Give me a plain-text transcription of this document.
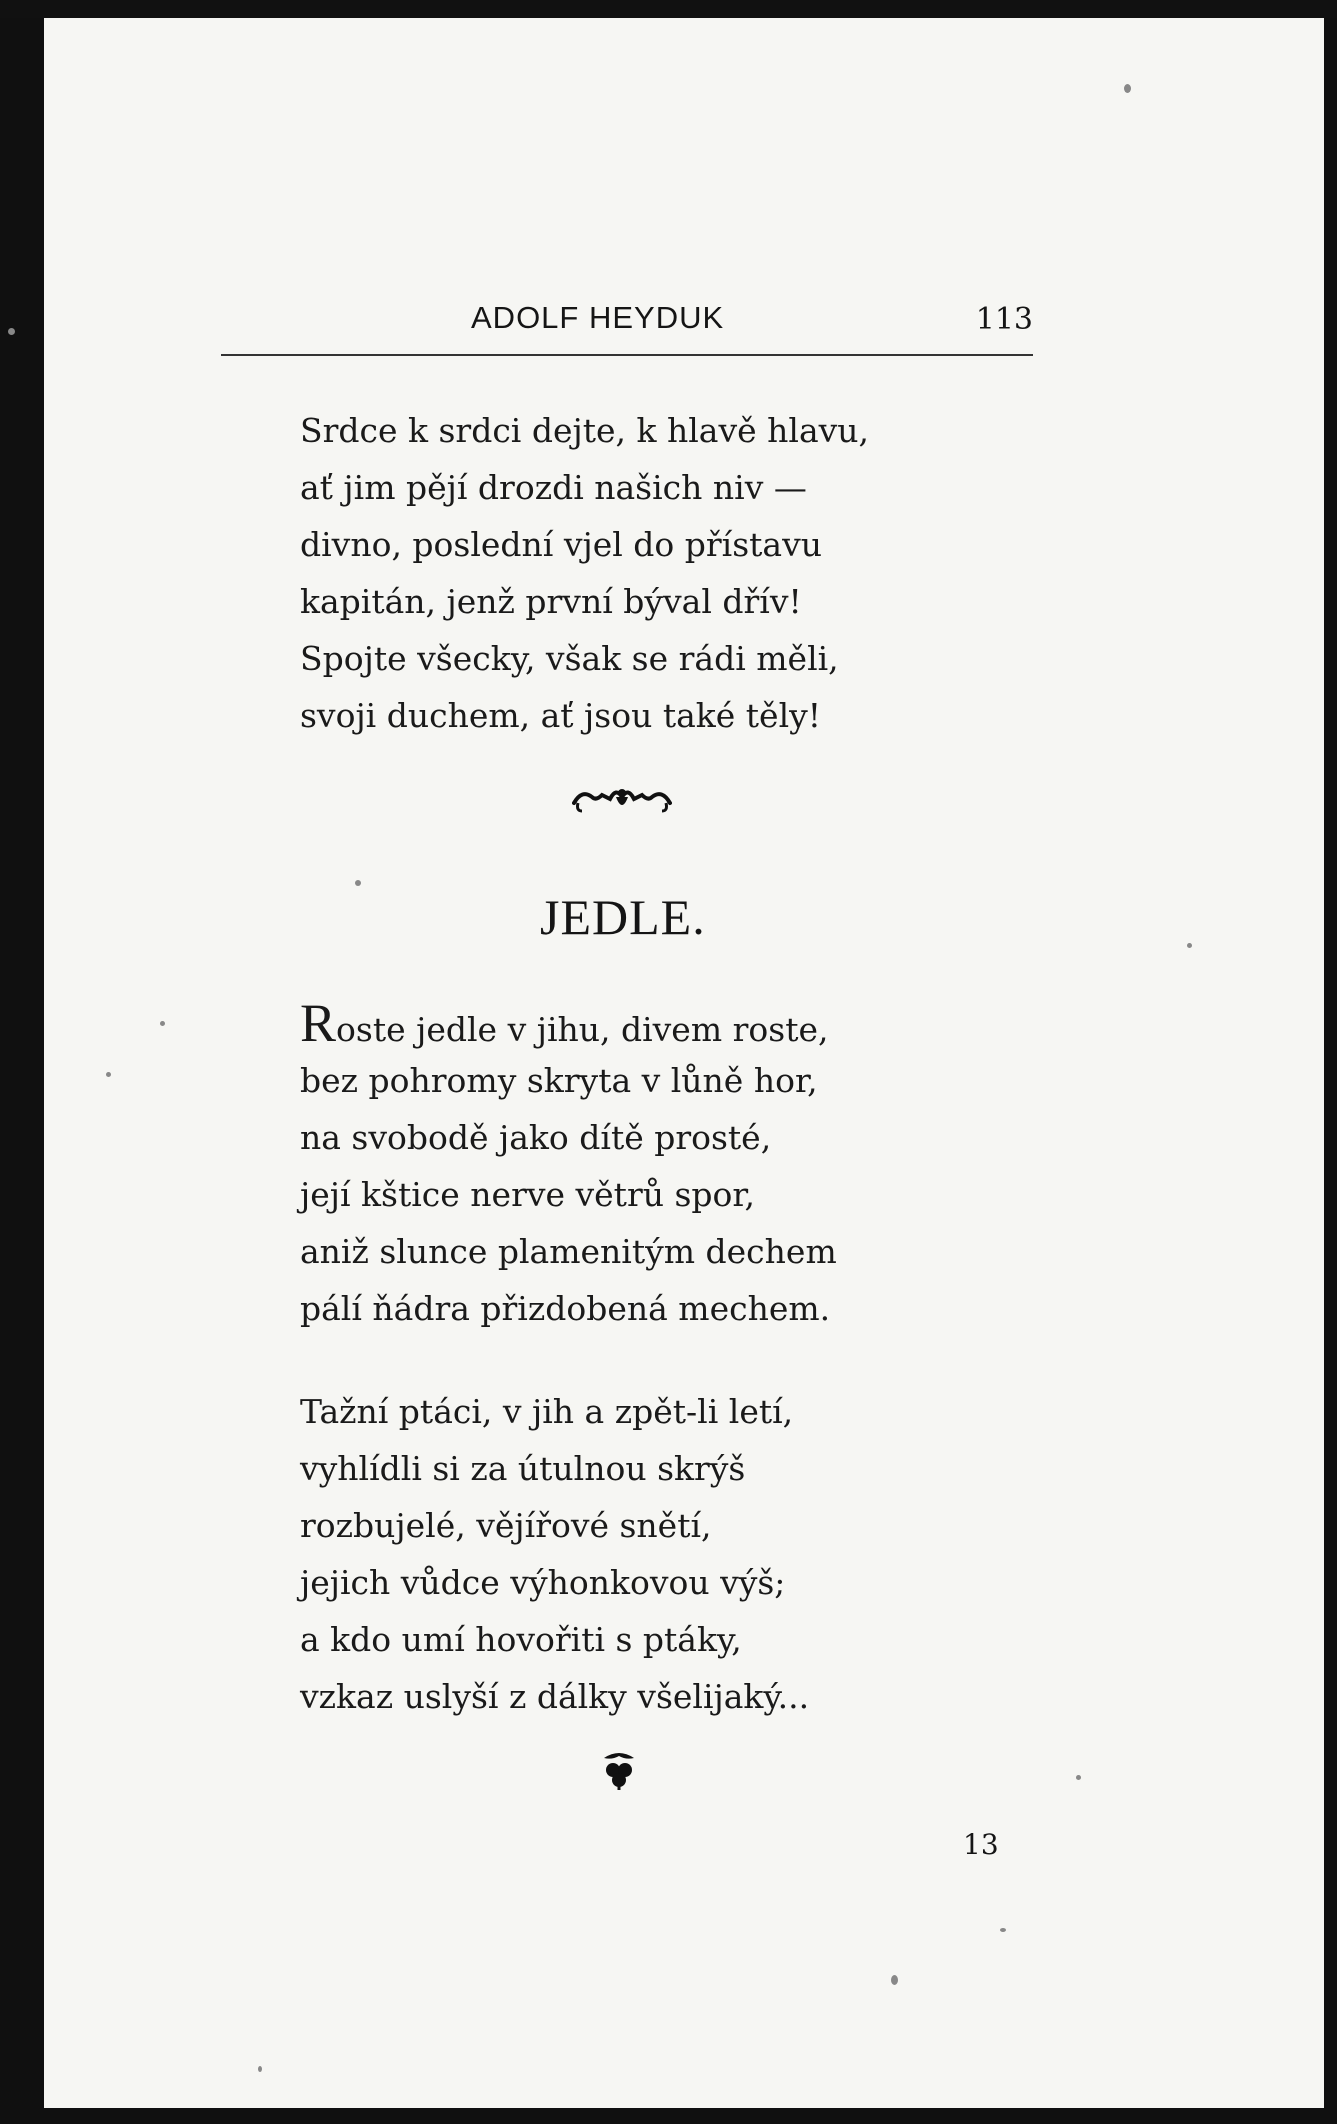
ADOLF HEYDUK	113
Srdce k srdci dejte, k hlavě hlavu,
ať jim pějí drozdi našich niv —
divno, poslední vjel do přístavu
kapitán, jenž první býval dřív!
Spojte všecky, však se rádi měli,
svoji duchem, ať jsou také těly!
JEDLE.
Roste jedle v jihu, divem roste,
bez pohromy skryta v lůně hor,
na svobodě jako dítě prosté,
její kštice nerve větrů spor,
aniž slunce plamenitým dechem
pálí ňádra přizdobená mechem.
Tažní ptáci, v jih a zpět-li letí,
vyhlídli si za útulnou skrýš
rozbujelé, vějířové snětí,
jejich vůdce výhonkovou výš;
a kdo umí hovořiti s ptáky,
vzkaz uslyší z dálky všelijaký...
13
